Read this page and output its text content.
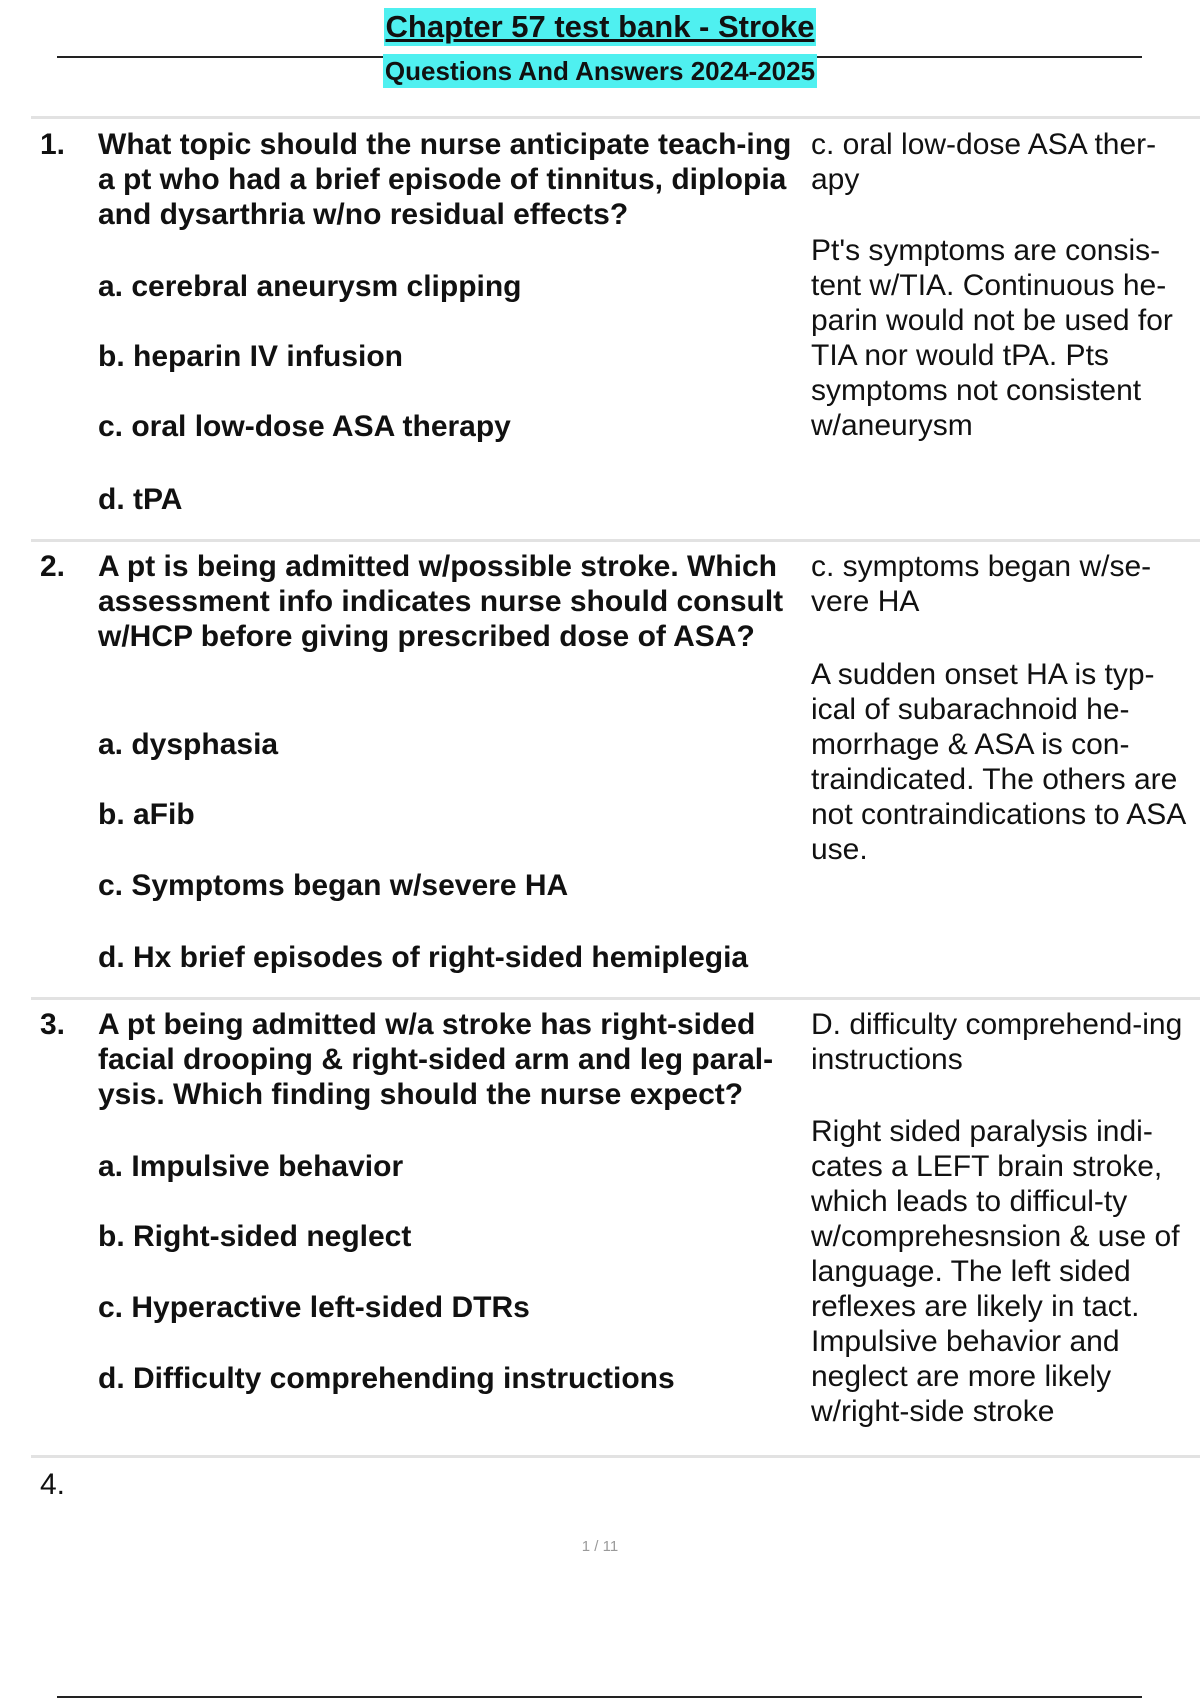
Chapter 57 test bank - Stroke
Questions And Answers 2024-2025
1. What topic should the nurse anticipate teach-ing a pt who had a brief episode of tinnitus, diplopia and dysarthria w/no residual effects?
a. cerebral aneurysm clipping
b. heparin IV infusion
c. oral low-dose ASA therapy
d. tPA
c. oral low-dose ASA ther-apy
Pt's symptoms are consis-tent w/TIA. Continuous he-parin would not be used for TIA nor would tPA. Pts symptoms not consistent w/aneurysm
2. A pt is being admitted w/possible stroke. Which assessment info indicates nurse should consult w/HCP before giving prescribed dose of ASA?
a. dysphasia
b. aFib
c. Symptoms began w/severe HA
d. Hx brief episodes of right-sided hemiplegia
c. symptoms began w/se-vere HA
A sudden onset HA is typ-ical of subarachnoid he-morrhage & ASA is con-traindicated. The others are not contraindications to ASA use.
3. A pt being admitted w/a stroke has right-sided facial drooping & right-sided arm and leg paral-ysis. Which finding should the nurse expect?
a. Impulsive behavior
b. Right-sided neglect
c. Hyperactive left-sided DTRs
d. Difficulty comprehending instructions
D. difficulty comprehend-ing instructions
Right sided paralysis indi-cates a LEFT brain stroke, which leads to difficul-ty w/comprehesnsion & use of language. The left sided reflexes are likely in tact. Impulsive behavior and neglect are more likely w/right-side stroke
4.
1 / 11
